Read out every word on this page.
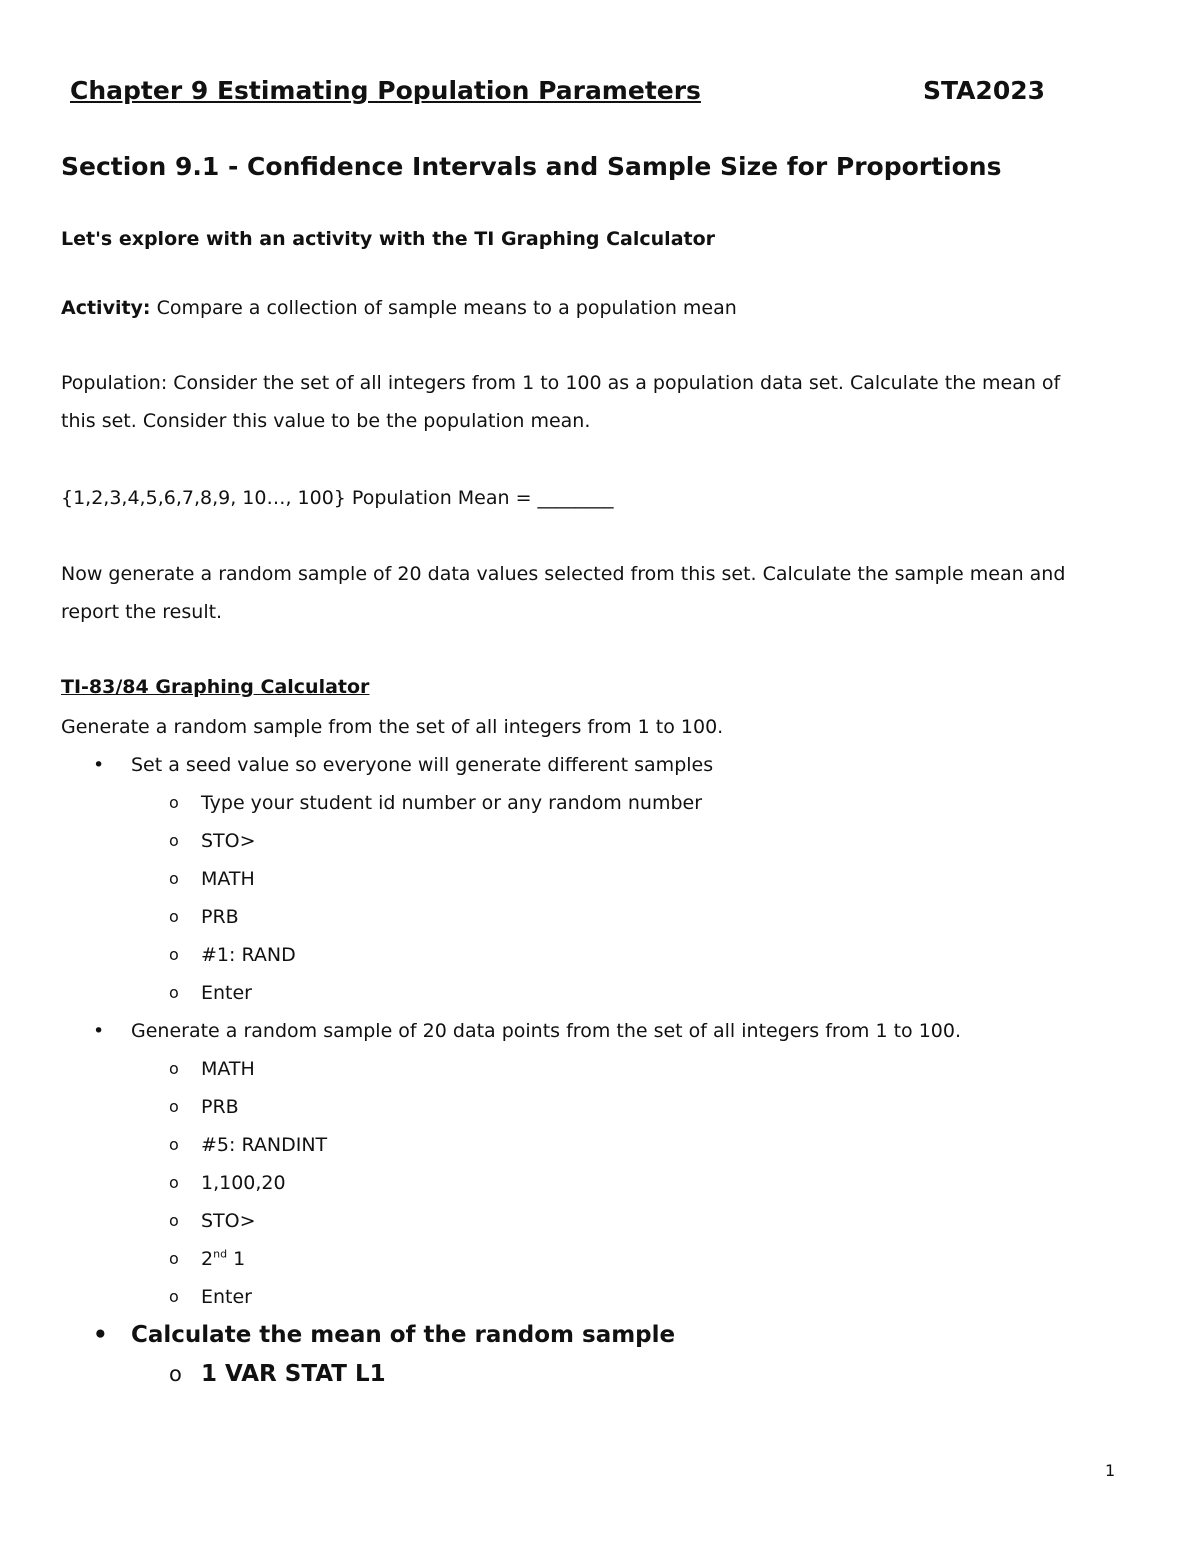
Chapter 9 Estimating Population Parameters	STA2023
Section 9.1 - Confidence Intervals and Sample Size for Proportions
Let's explore with an activity with the TI Graphing Calculator
Activity: Compare a collection of sample means to a population mean
Population: Consider the set of all integers from 1 to 100 as a population data set. Calculate the mean of
this set. Consider this value to be the population mean.
{1,2,3,4,5,6,7,8,9, 10…, 100} Population Mean = ________
Now generate a random sample of 20 data values selected from this set. Calculate the sample mean and
report the result.
TI-83/84 Graphing Calculator
Generate a random sample from the set of all integers from 1 to 100.
• Set a seed value so everyone will generate different samples
o Type your student id number or any random number
o STO>
o MATH
o PRB
o #1: RAND
o Enter
• Generate a random sample of 20 data points from the set of all integers from 1 to 100.
o MATH
o PRB
o #5: RANDINT
o 1,100,20
o STO>
o 2nd 1
o Enter
• Calculate the mean of the random sample
o 1 VAR STAT L1
1
